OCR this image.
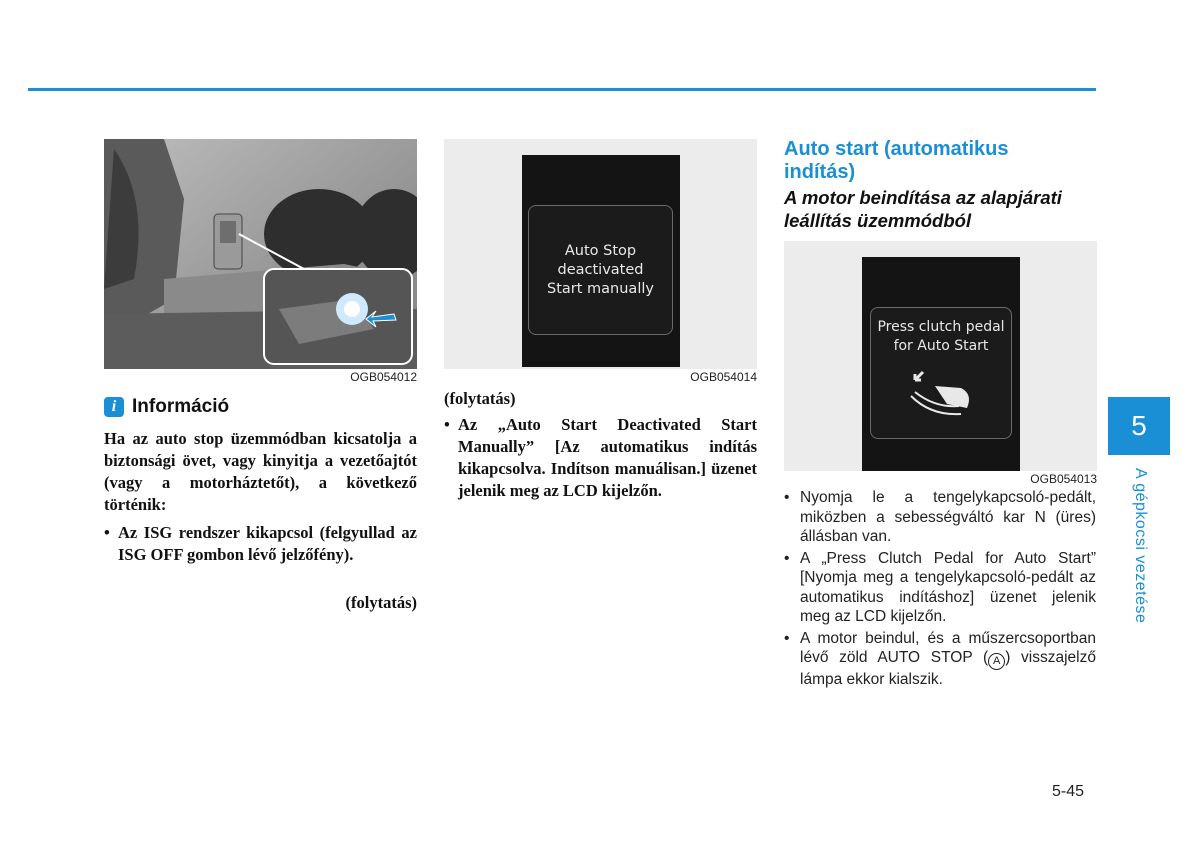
OGB054012
i Információ
Ha az auto stop üzemmódban kicsatolja a biztonsági övet, vagy kinyitja a vezetőajtót (vagy a motorháztetőt), a következő történik:
• Az ISG rendszer kikapcsol (felgyullad az ISG OFF gombon lévő jelzőfény).
(folytatás)
Auto Stop
deactivated
Start manually
OGB054014
(folytatás)
• Az „Auto Start Deactivated Start Manually” [Az automatikus indítás kikapcsolva. Indítson manuálisan.] üzenet jelenik meg az LCD kijelzőn.
Auto start (automatikus indítás)
A motor beindítása az alapjárati leállítás üzemmódból
Press clutch pedal
for Auto Start
OGB054013
• Nyomja le a tengelykapcsoló-pedált, miközben a sebességváltó kar N (üres) állásban van.
• A „Press Clutch Pedal for Auto Start” [Nyomja meg a tengelykapcsoló-pedált az automatikus indításhoz] üzenet jelenik meg az LCD kijelzőn.
• A motor beindul, és a műszercsoportban lévő zöld AUTO STOP ( A ) visszajelző lámpa ekkor kialszik.
5
A gépkocsi vezetése
5-45
